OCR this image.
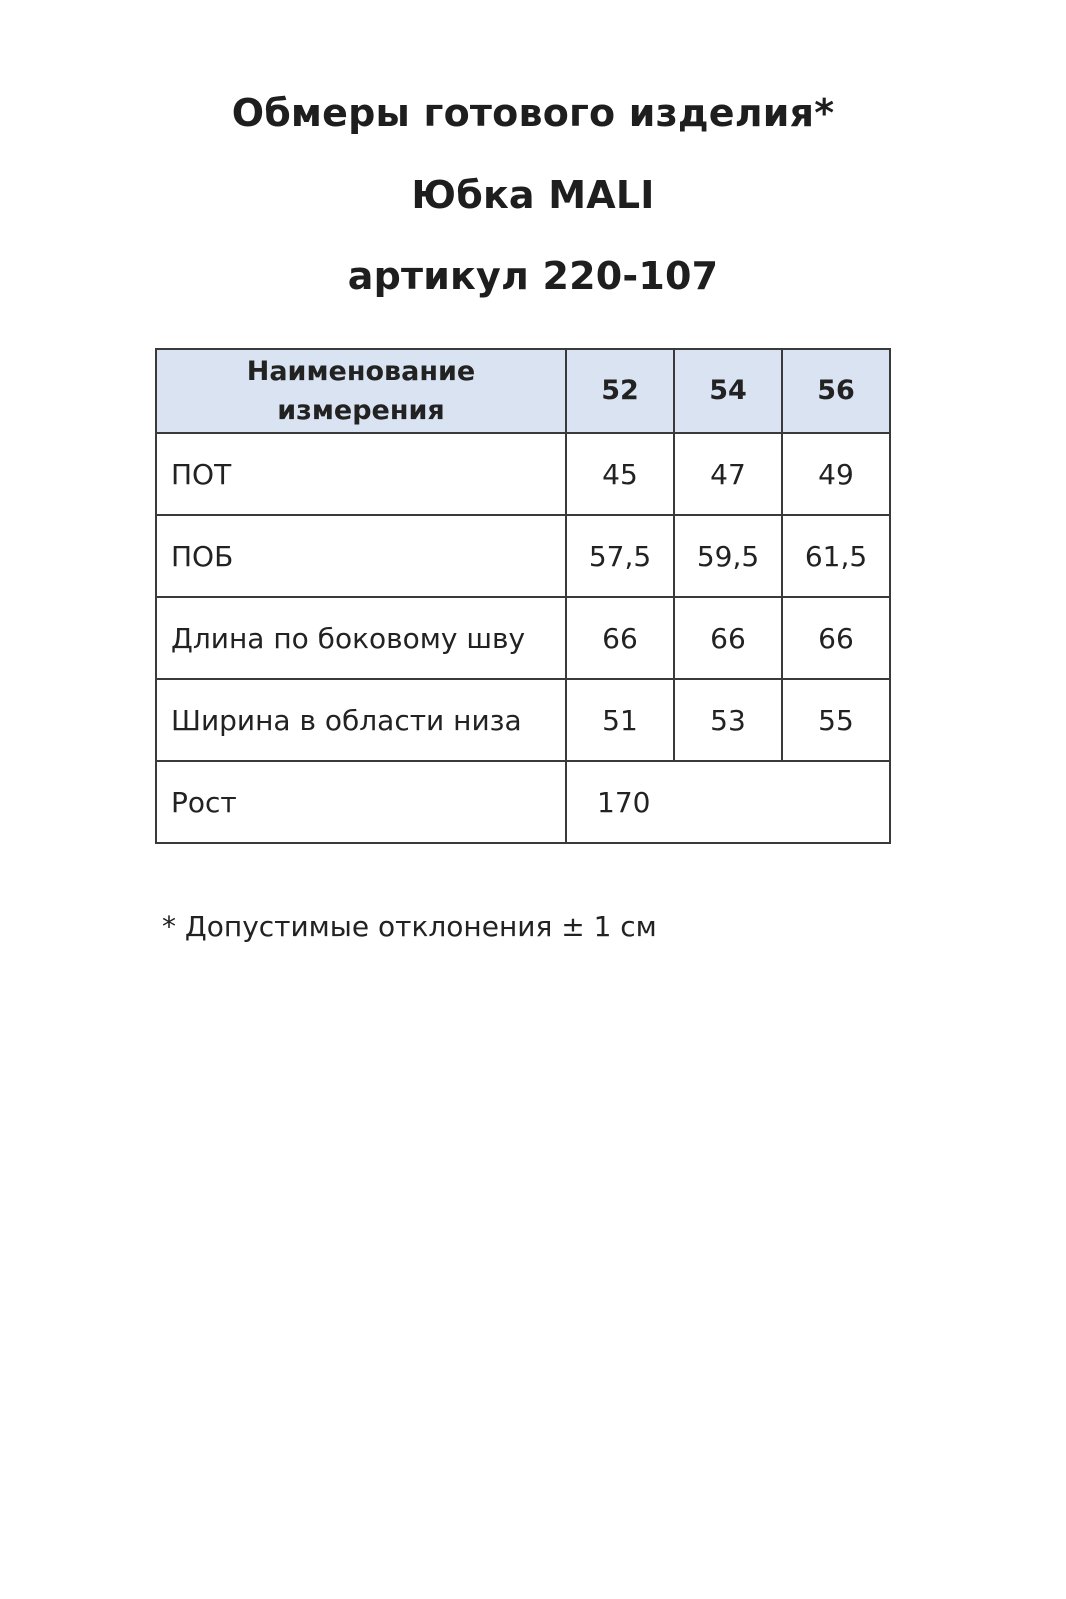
Обмеры готового изделия*
Юбка MALI
артикул 220-107
Наименование измерения	52	54	56
ПОТ	45	47	49
ПОБ	57,5	59,5	61,5
Длина по боковому шву	66	66	66
Ширина в области низа	51	53	55
Рост	170		
* Допустимые отклонения ± 1 см
